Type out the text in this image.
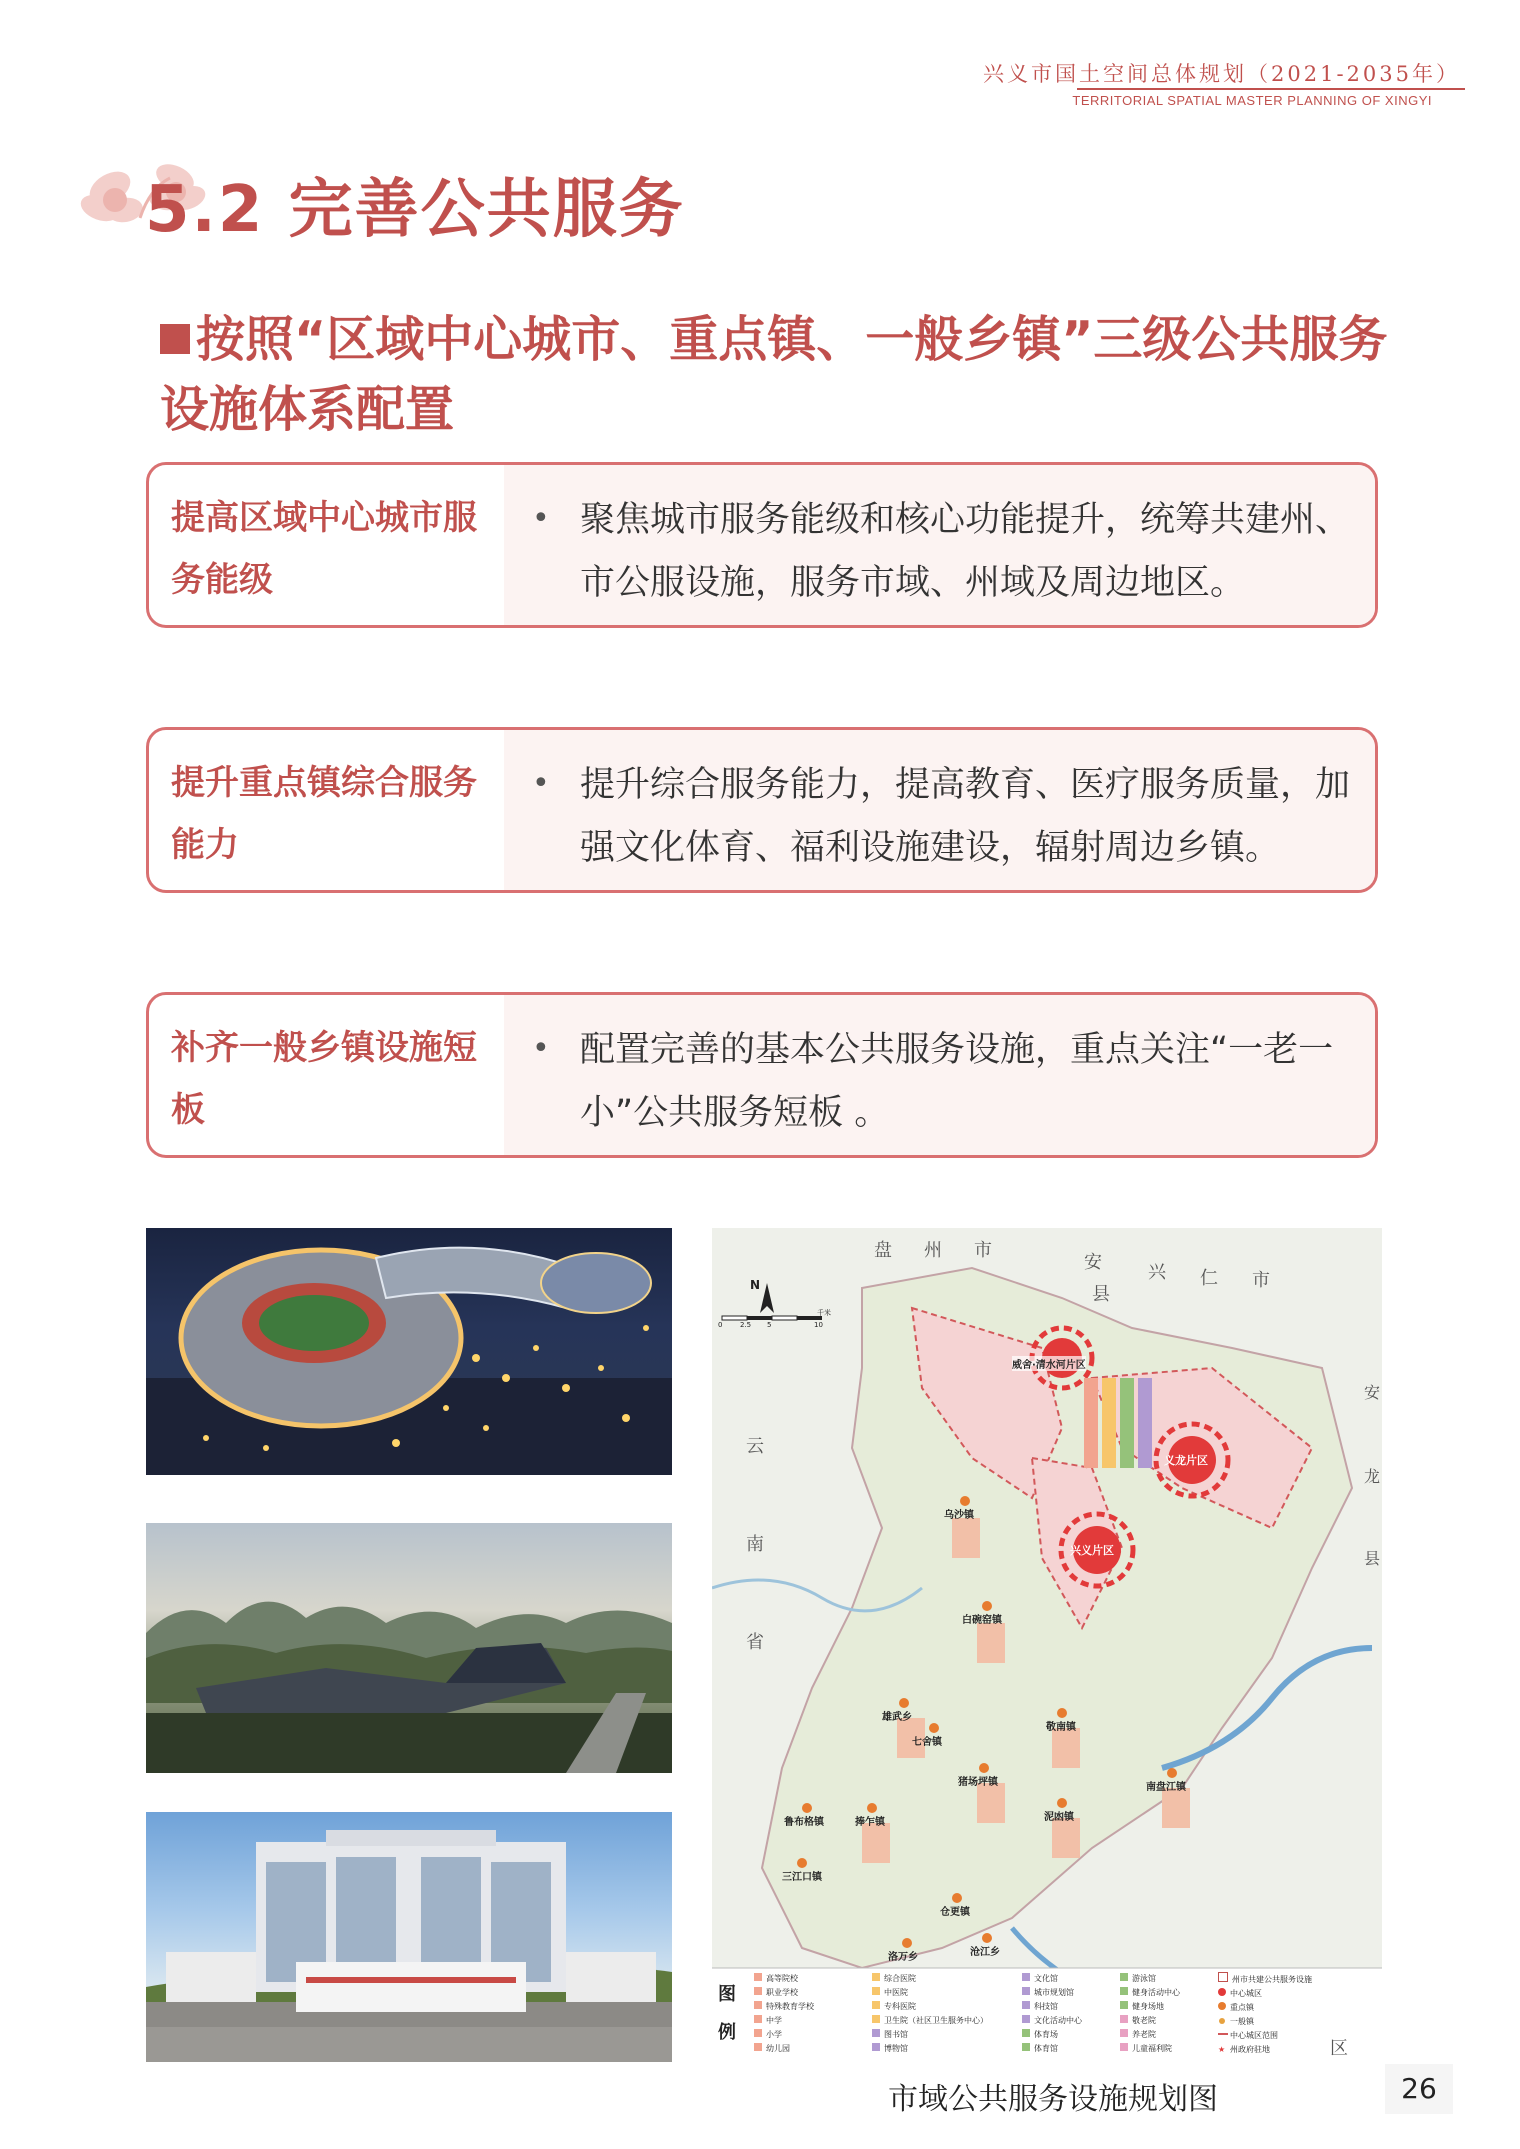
兴义市国土空间总体规划（2021-2035年）
TERRITORIAL SPATIAL MASTER PLANNING OF XINGYI
5.2 完善公共服务
按照“区域中心城市、重点镇、一般乡镇”三级公共服务设施体系配置
提高区域中心城市服务能级
• 聚焦城市服务能级和核心功能提升，统筹共建州、市公服设施，服务市域、州域及周边地区。
提升重点镇综合服务能力
• 提升综合服务能力，提高教育、医疗服务质量，加强文化体育、福利设施建设，辐射周边乡镇。
补齐一般乡镇设施短板
• 配置完善的基本公共服务设施，重点关注“一老一小”公共服务短板 。
N
0	2.5 5	10
千米
盘 州 市
安
县
兴 仁 市
安
龙
县
云
南
省
区
威舍·清水河片区
义龙片区
兴义片区
乌沙镇
白碗窑镇
雄武乡
七舍镇
敬南镇
南盘江镇
猪场坪镇
捧乍镇
鲁布格镇	泥凼镇
三江口镇
仓更镇
洛万乡	沧江乡
图
例
高等院校
职业学校
特殊教育学校
中学
小学
幼儿园
综合医院
中医院
专科医院
卫生院（社区卫生服务中心）
图书馆
博物馆
文化馆
城市规划馆
科技馆
文化活动中心
体育场
体育馆
游泳馆
健身活动中心
健身场地
敬老院
养老院
儿童福利院
州市共建公共服务设施
中心城区
重点镇
一般镇
中心城区范围
★ 州政府驻地
市域公共服务设施规划图	26
